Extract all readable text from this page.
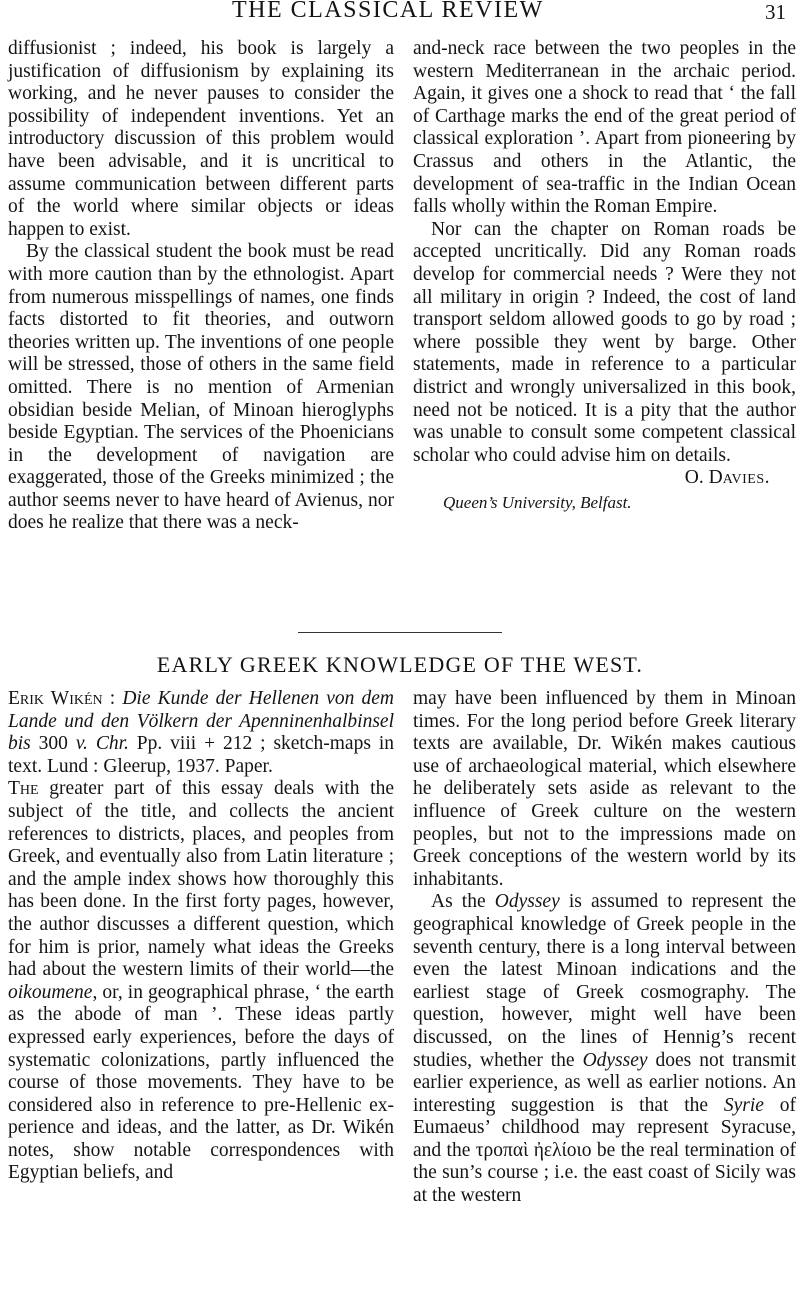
THE CLASSICAL REVIEW	31

diffusionist ; indeed, his book is largely a justification of diffusionism by explaining its working, and he never pauses to consider the possibility of independent inventions. Yet an introductory discussion of this problem would have been advisable, and it is uncritical to assume communication between different parts of the world where similar objects or ideas happen to exist.

By the classical student the book must be read with more caution than by the ethnologist. Apart from numerous misspellings of names, one finds facts distorted to fit theories, and outworn theories written up. The inventions of one people will be stressed, those of others in the same field omitted. There is no mention of Armenian obsidian beside Melian, of Minoan hieroglyphs beside Egyptian. The services of the Phoenicians in the development of navigation are exaggerated, those of the Greeks minimized ; the author seems never to have heard of Avienus, nor does he realize that there was a neck-

and-neck race between the two peoples in the western Mediterranean in the archaic period. Again, it gives one a shock to read that ‘ the fall of Carthage marks the end of the great period of classical exploration ’. Apart from pioneering by Crassus and others in the Atlantic, the development of sea-traffic in the Indian Ocean falls wholly within the Roman Empire.

Nor can the chapter on Roman roads be accepted uncritically. Did any Roman roads develop for commercial needs ? Were they not all military in origin ? Indeed, the cost of land transport seldom allowed goods to go by road ; where possible they went by barge. Other statements, made in reference to a particular district and wrongly universalized in this book, need not be noticed. It is a pity that the author was unable to consult some competent classical scholar who could advise him on details.

O. Davies.
Queen’s University, Belfast.
EARLY GREEK KNOWLEDGE OF THE WEST.

Erik Wikén : Die Kunde der Hellenen von dem Lande und den Völkern der Apenninenhalbinsel bis 300 v. Chr. Pp. viii + 212 ; sketch-maps in text. Lund : Gleerup, 1937. Paper.

The greater part of this essay deals with the subject of the title, and collects the ancient references to districts, places, and peoples from Greek, and eventually also from Latin literature ; and the ample index shows how thoroughly this has been done. In the first forty pages, however, the author discusses a different question, which for him is prior, namely what ideas the Greeks had about the western limits of their world—the oikoumene, or, in geographical phrase, ‘ the earth as the abode of man ’. These ideas partly expressed early experiences, before the days of systematic colonizations, partly influenced the course of those movements. They have to be considered also in reference to pre-Hellenic experience and ideas, and the latter, as Dr. Wikén notes, show notable correspondences with Egyptian beliefs, and

may have been influenced by them in Minoan times. For the long period before Greek literary texts are available, Dr. Wikén makes cautious use of archaeological material, which elsewhere he deliberately sets aside as relevant to the influence of Greek culture on the western peoples, but not to the impressions made on Greek conceptions of the western world by its inhabitants.

As the Odyssey is assumed to represent the geographical knowledge of Greek people in the seventh century, there is a long interval between even the latest Minoan indications and the earliest stage of Greek cosmography. The question, however, might well have been discussed, on the lines of Hennig’s recent studies, whether the Odyssey does not transmit earlier experience, as well as earlier notions. An interesting suggestion is that the Syrie of Eumaeus’ childhood may represent Syracuse, and the τροπαὶ ἠελίοιο be the real termination of the sun’s course ; i.e. the east coast of Sicily was at the western
